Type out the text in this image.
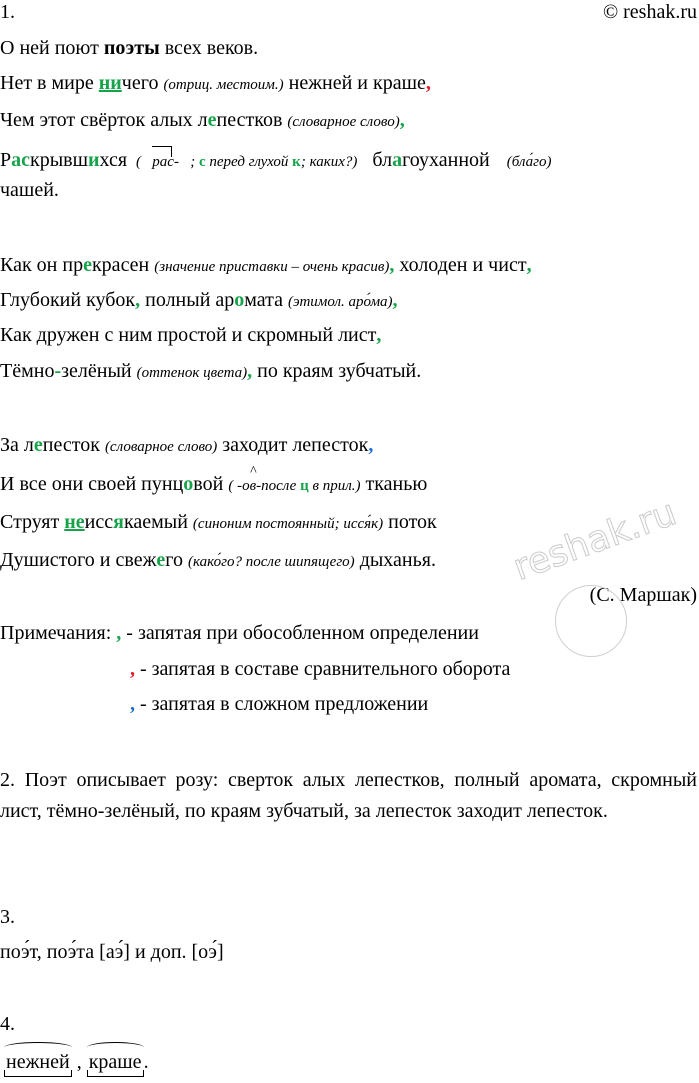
1.	© reshak.ru
О ней поют поэты всех веков.
Нет в мире ничего (отриц. местоим.) нежней и краше,
Чем этот свёрток алых лепестков (словарное слово),
Раскрывшихся (   рас- ; с перед глухой к; каких?) благоуханной (бла́го)
чашей.
Как он прекрасен (значение приставки – очень красив), холоден и чист,
Глубокий кубок, полный аромата (этимол. аро́ма),
Как дружен с ним простой и скромный лист,
Тёмно-зелёный (оттенок цвета), по краям зубчатый.
За лепесток (словарное слово) заходит лепесток,
И все они своей пунцовой ( -^ ов-после ц в прил.) тканью
Струят неиссякаемый (синоним постоянный; исся́к) поток
Душистого и свежего (како́го? после шипящего) дыханья.
(С. Маршак)
reshak.ru
Примечания: , - запятая при обособленном определении
, - запятая в составе сравнительного оборота
, - запятая в сложном предложении
2. Поэт описывает розу: сверток алых лепестков, полный аромата, скромный лист, тёмно-зелёный, по краям зубчатый, за лепесток заходит лепесток.
3.
поэ́т, поэ́та [аэ́] и доп. [оэ́]
4.
нежней ,
краше .
